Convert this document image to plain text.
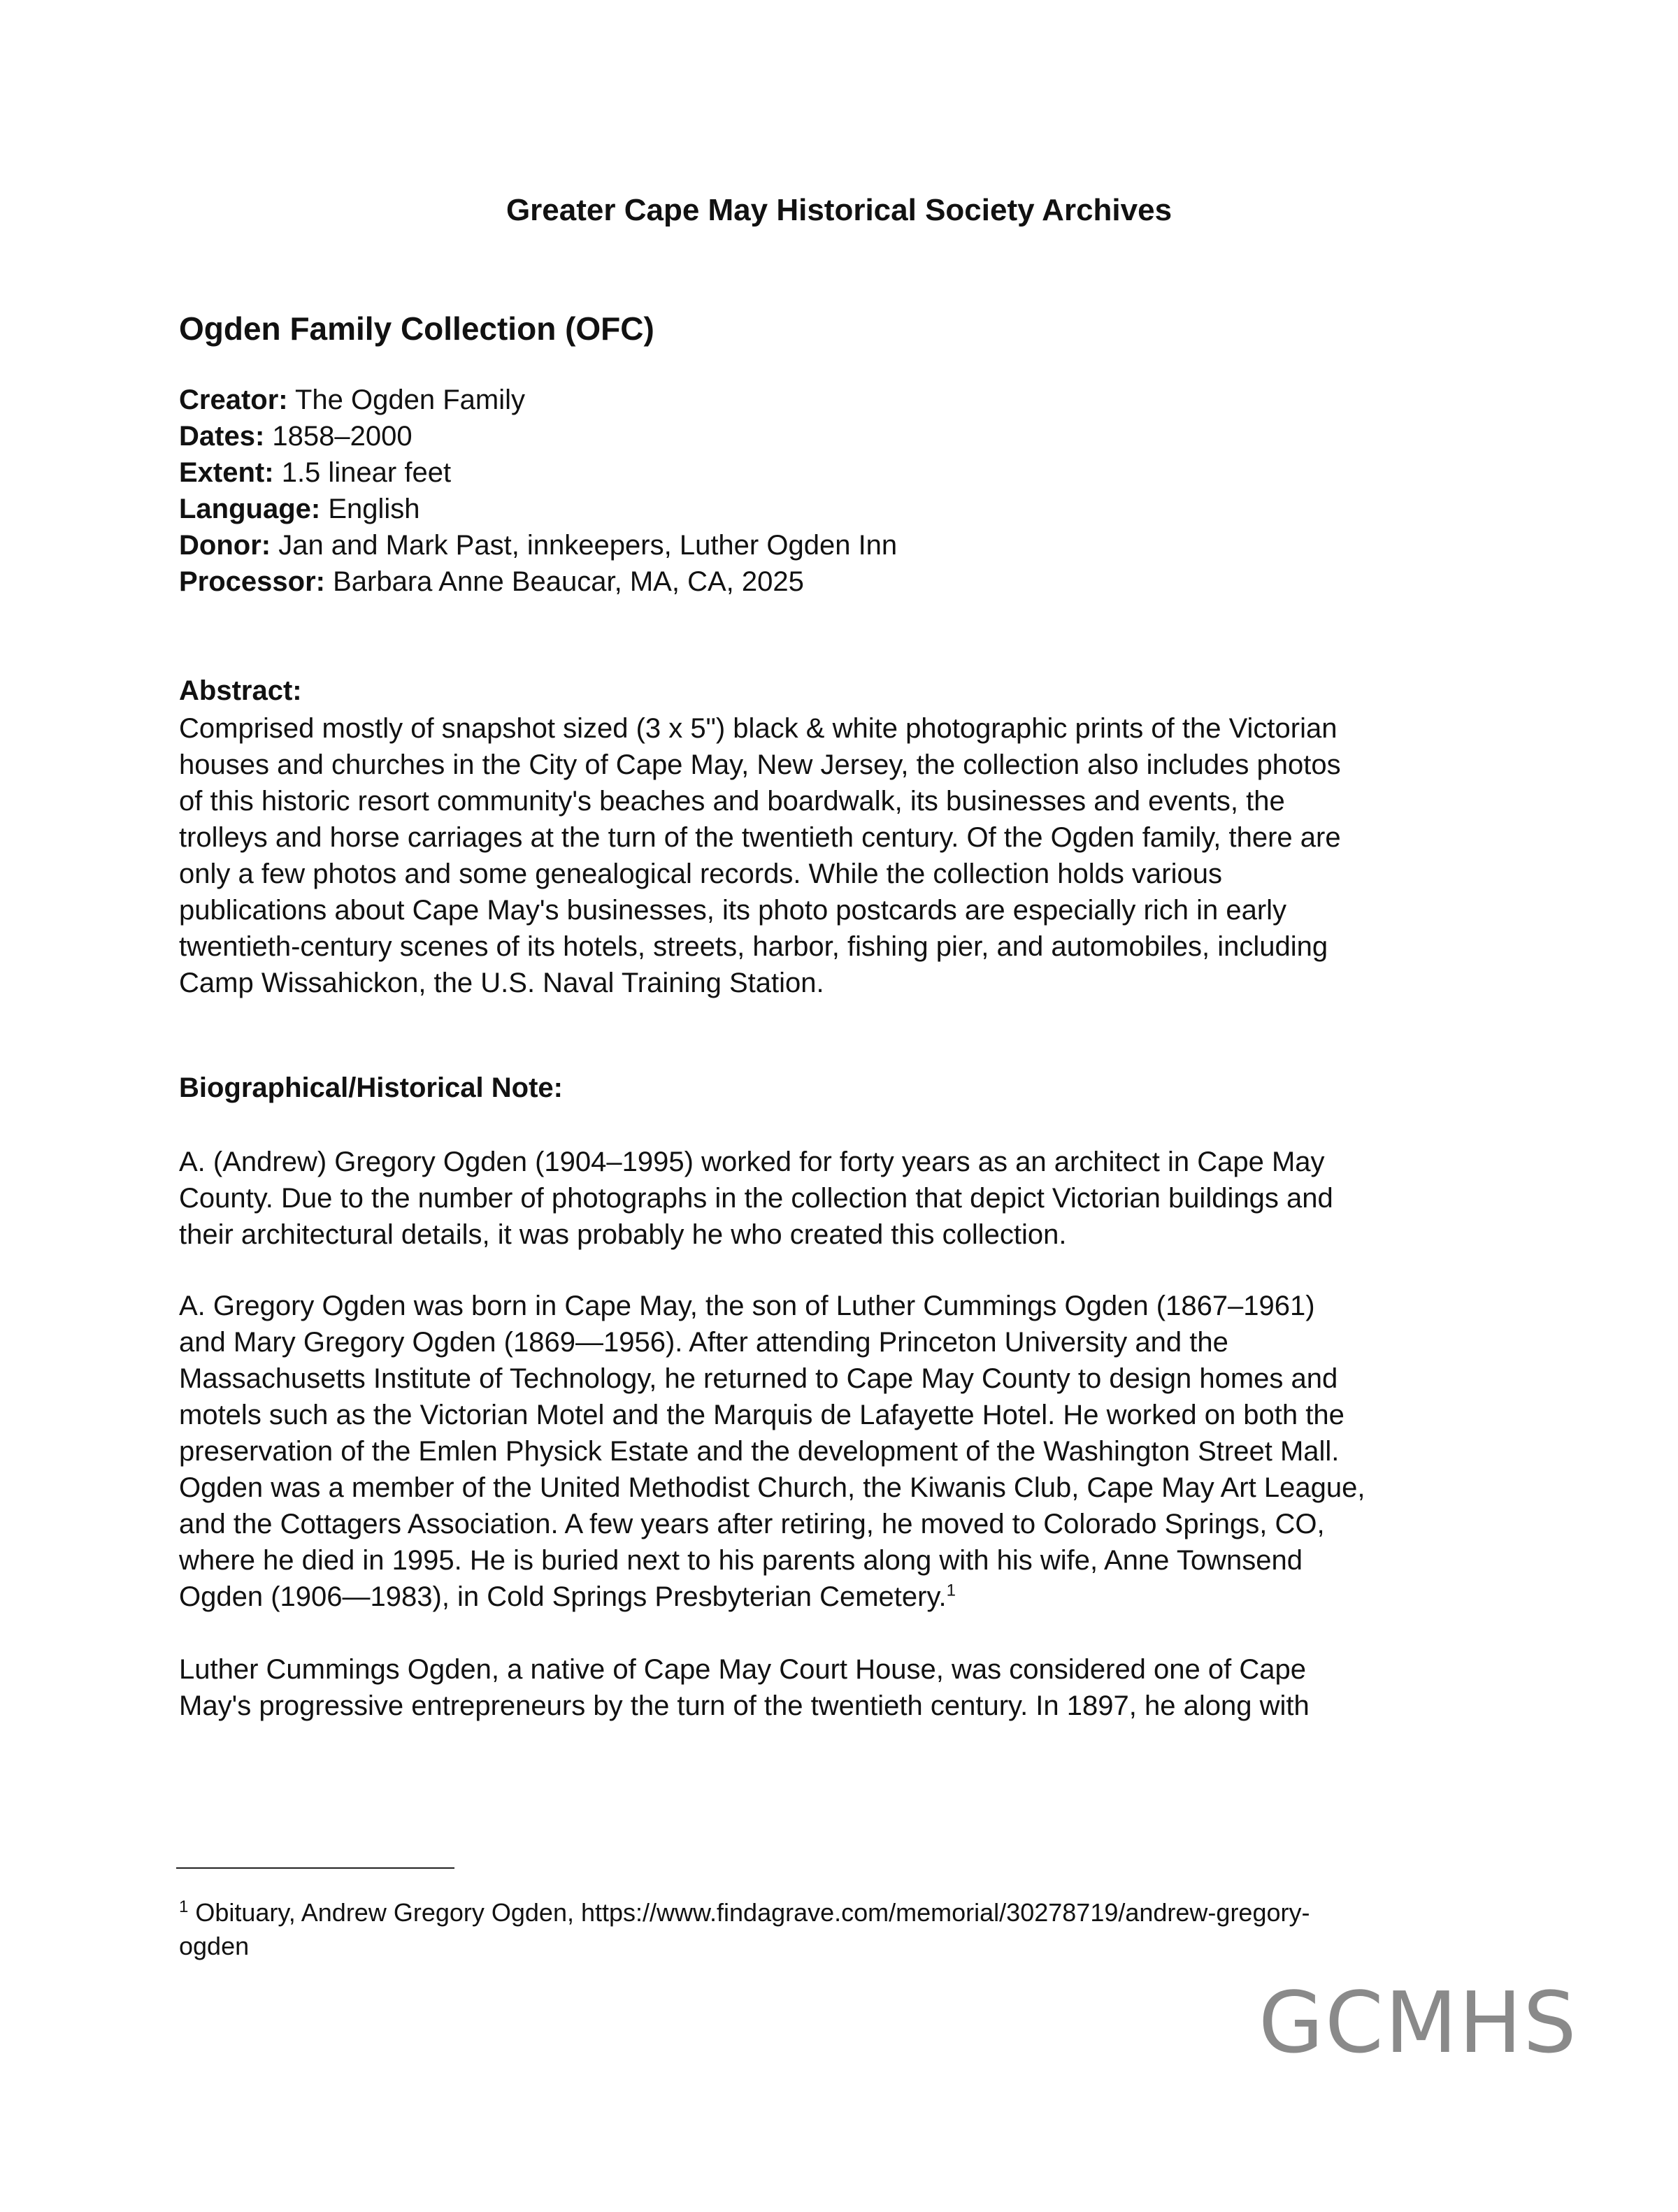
Greater Cape May Historical Society Archives
Ogden Family Collection (OFC)
Creator: The Ogden Family
Dates: 1858–2000
Extent: 1.5 linear feet
Language: English
Donor: Jan and Mark Past, innkeepers, Luther Ogden Inn
Processor: Barbara Anne Beaucar, MA, CA, 2025
Abstract:
Comprised mostly of snapshot sized (3 x 5") black & white photographic prints of the Victorian
houses and churches in the City of Cape May, New Jersey, the collection also includes photos
of this historic resort community's beaches and boardwalk, its businesses and events, the
trolleys and horse carriages at the turn of the twentieth century. Of the Ogden family, there are
only a few photos and some genealogical records. While the collection holds various
publications about Cape May's businesses, its photo postcards are especially rich in early
twentieth-century scenes of its hotels, streets, harbor, fishing pier, and automobiles, including
Camp Wissahickon, the U.S. Naval Training Station.
Biographical/Historical Note:
A. (Andrew) Gregory Ogden (1904–1995) worked for forty years as an architect in Cape May
County. Due to the number of photographs in the collection that depict Victorian buildings and
their architectural details, it was probably he who created this collection.
A. Gregory Ogden was born in Cape May, the son of Luther Cummings Ogden (1867–1961)
and Mary Gregory Ogden (1869—1956). After attending Princeton University and the
Massachusetts Institute of Technology, he returned to Cape May County to design homes and
motels such as the Victorian Motel and the Marquis de Lafayette Hotel. He worked on both the
preservation of the Emlen Physick Estate and the development of the Washington Street Mall.
Ogden was a member of the United Methodist Church, the Kiwanis Club, Cape May Art League,
and the Cottagers Association. A few years after retiring, he moved to Colorado Springs, CO,
where he died in 1995. He is buried next to his parents along with his wife, Anne Townsend
Ogden (1906—1983), in Cold Springs Presbyterian Cemetery.$^1$
Luther Cummings Ogden, a native of Cape May Court House, was considered one of Cape
May's progressive entrepreneurs by the turn of the twentieth century. In 1897, he along with
$^1$ Obituary, Andrew Gregory Ogden, https://www.findagrave.com/memorial/30278719/andrew-gregory-
ogden
GCMHS
